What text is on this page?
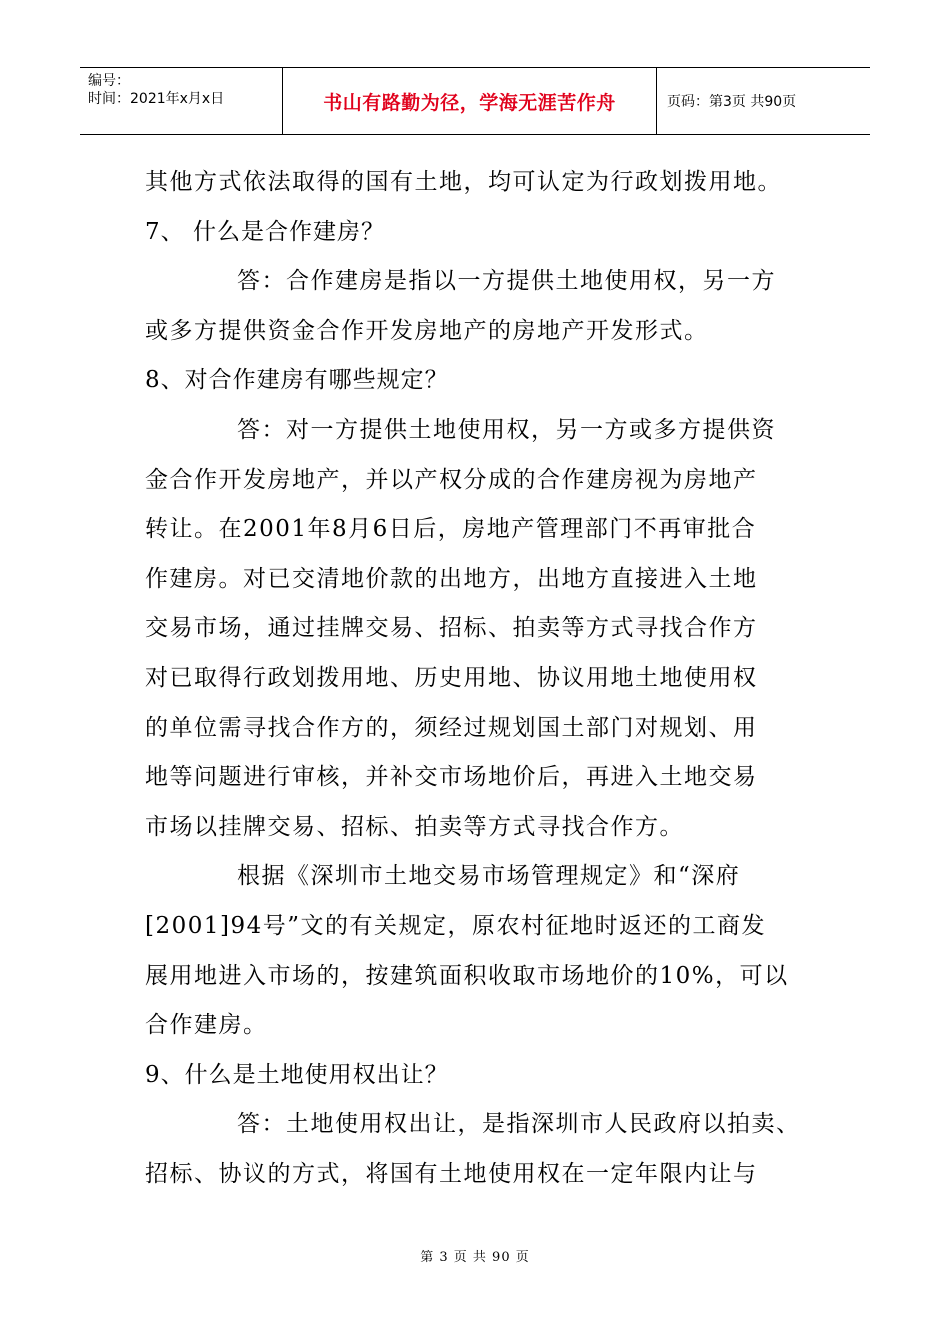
编号：
时间：2021年x月x日	书山有路勤为径，学海无涯苦作舟	页码：第3页 共90页
其他方式依法取得的国有土地，均可认定为行政划拨用地。
7、 什么是合作建房？
答：合作建房是指以一方提供土地使用权，另一方
或多方提供资金合作开发房地产的房地产开发形式。
8、对合作建房有哪些规定？
答：对一方提供土地使用权，另一方或多方提供资
金合作开发房地产，并以产权分成的合作建房视为房地产
转让。在2001年8月6日后，房地产管理部门不再审批合
作建房。对已交清地价款的出地方，出地方直接进入土地
交易市场，通过挂牌交易、招标、拍卖等方式寻找合作方
对已取得行政划拨用地、历史用地、协议用地土地使用权
的单位需寻找合作方的，须经过规划国土部门对规划、用
地等问题进行审核，并补交市场地价后，再进入土地交易
市场以挂牌交易、招标、拍卖等方式寻找合作方。
根据《深圳市土地交易市场管理规定》和“深府
[2001]94号”文的有关规定，原农村征地时返还的工商发
展用地进入市场的，按建筑面积收取市场地价的10%，可以
合作建房。
9、什么是土地使用权出让？
答：土地使用权出让，是指深圳市人民政府以拍卖、
招标、协议的方式，将国有土地使用权在一定年限内让与
第 3 页 共 90 页
